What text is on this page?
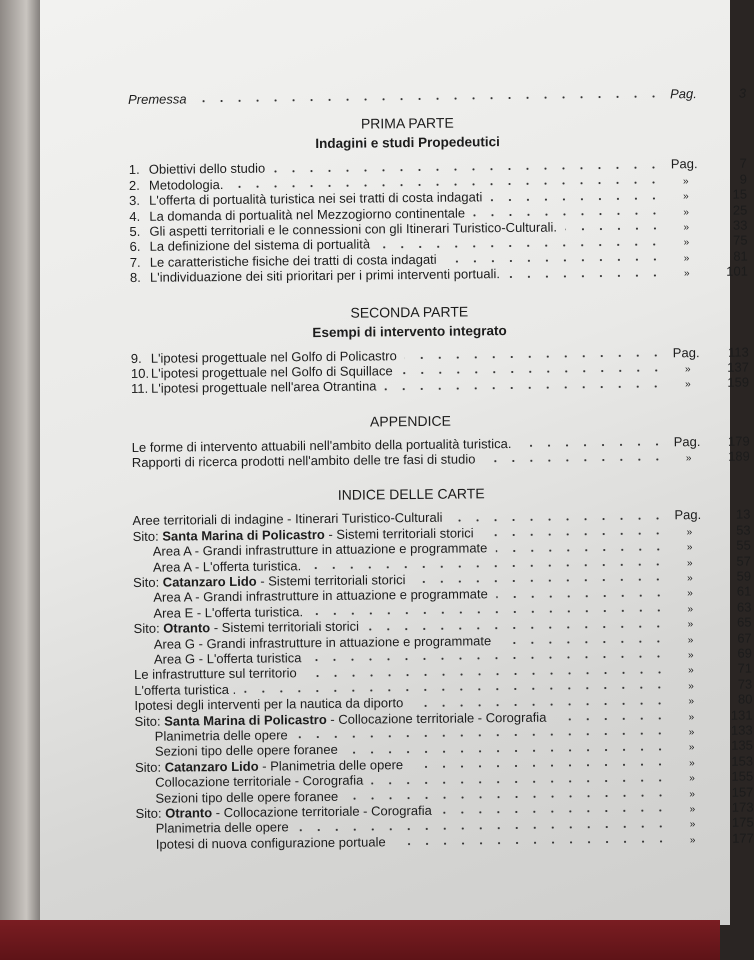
Premessa	Pag.	3
PRIMA PARTE
Indagini e studi Propedeutici
1. Obiettivi dello studio	Pag.	7
2. Metodologia.	»	9
3. L'offerta di portualità turistica nei sei tratti di costa indagati	»	15
4. La domanda di portualità nel Mezzogiorno continentale	»	25
5. Gli aspetti territoriali e le connessioni con gli Itinerari Turistico-Culturali.	»	33
6. La definizione del sistema di portualità	»	75
7. Le caratteristiche fisiche dei tratti di costa indagati	»	81
8. L'individuazione dei siti prioritari per i primi interventi portuali.	»	101
SECONDA PARTE
Esempi di intervento integrato
9. L'ipotesi progettuale nel Golfo di Policastro	Pag.	113
10. L'ipotesi progettuale nel Golfo di Squillace	»	137
11. L'ipotesi progettuale nell'area Otrantina	»	159
APPENDICE
Le forme di intervento attuabili nell'ambito della portualità turistica.	Pag.	179
Rapporti di ricerca prodotti nell'ambito delle tre fasi di studio	»	189
INDICE DELLE CARTE
Aree territoriali di indagine - Itinerari Turistico-Culturali	Pag.	13
Sito: Santa Marina di Policastro - Sistemi territoriali storici	»	53
Area A - Grandi infrastrutture in attuazione e programmate	»	55
Area A - L'offerta turistica.	»	57
Sito: Catanzaro Lido - Sistemi territoriali storici	»	59
Area A - Grandi infrastrutture in attuazione e programmate	»	61
Area E - L'offerta turistica.	»	63
Sito: Otranto - Sistemi territoriali storici	»	65
Area G - Grandi infrastrutture in attuazione e programmate	»	67
Area G - L'offerta turistica	»	69
Le infrastrutture sul territorio	»	71
L'offerta turistica .	»	73
Ipotesi degli interventi per la nautica da diporto	»	80
Sito: Santa Marina di Policastro - Collocazione territoriale - Corografia	»	131
Planimetria delle opere	»	133
Sezioni tipo delle opere foranee	»	135
Sito: Catanzaro Lido - Planimetria delle opere	»	153
Collocazione territoriale - Corografia	»	155
Sezioni tipo delle opere foranee	»	157
Sito: Otranto - Collocazione territoriale - Corografia	»	173
Planimetria delle opere	»	175
Ipotesi di nuova configurazione portuale	»	177
